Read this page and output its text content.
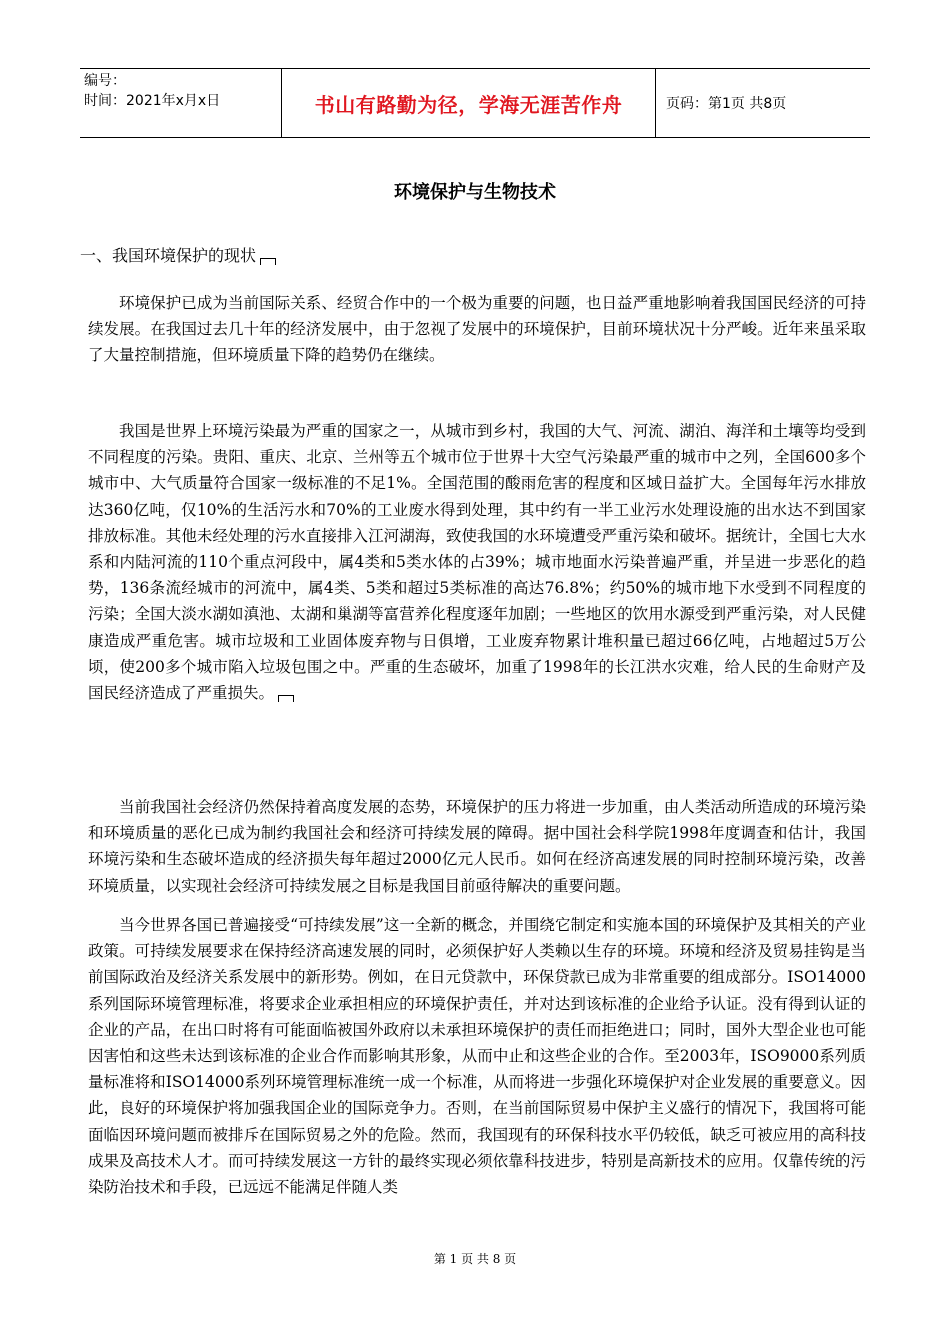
编号：
时间：2021年x月x日	书山有路勤为径，学海无涯苦作舟	页码：第1页 共8页
环境保护与生物技术
一、我国环境保护的现状

环境保护已成为当前国际关系、经贸合作中的一个极为重要的问题，也日益严重地影响着我国国民经济的可持续发展。在我国过去几十年的经济发展中，由于忽视了发展中的环境保护，目前环境状况十分严峻。近年来虽采取了大量控制措施，但环境质量下降的趋势仍在继续。

我国是世界上环境污染最为严重的国家之一，从城市到乡村，我国的大气、河流、湖泊、海洋和土壤等均受到不同程度的污染。贵阳、重庆、北京、兰州等五个城市位于世界十大空气污染最严重的城市中之列，全国600多个城市中、大气质量符合国家一级标准的不足1%。全国范围的酸雨危害的程度和区域日益扩大。全国每年污水排放达360亿吨，仅10%的生活污水和70%的工业废水得到处理，其中约有一半工业污水处理设施的出水达不到国家排放标准。其他未经处理的污水直接排入江河湖海，致使我国的水环境遭受严重污染和破坏。据统计，全国七大水系和内陆河流的110个重点河段中，属4类和5类水体的占39%；城市地面水污染普遍严重，并呈进一步恶化的趋势，136条流经城市的河流中，属4类、5类和超过5类标准的高达76.8%；约50%的城市地下水受到不同程度的污染；全国大淡水湖如滇池、太湖和巢湖等富营养化程度逐年加剧；一些地区的饮用水源受到严重污染，对人民健康造成严重危害。城市垃圾和工业固体废弃物与日俱增，工业废弃物累计堆积量已超过66亿吨，占地超过5万公顷，使200多个城市陷入垃圾包围之中。严重的生态破坏，加重了1998年的长江洪水灾难，给人民的生命财产及国民经济造成了严重损失。

当前我国社会经济仍然保持着高度发展的态势，环境保护的压力将进一步加重，由人类活动所造成的环境污染和环境质量的恶化已成为制约我国社会和经济可持续发展的障碍。据中国社会科学院1998年度调查和估计，我国环境污染和生态破坏造成的经济损失每年超过2000亿元人民币。如何在经济高速发展的同时控制环境污染，改善环境质量，以实现社会经济可持续发展之目标是我国目前亟待解决的重要问题。

当今世界各国已普遍接受“可持续发展”这一全新的概念，并围绕它制定和实施本国的环境保护及其相关的产业政策。可持续发展要求在保持经济高速发展的同时，必须保护好人类赖以生存的环境。环境和经济及贸易挂钩是当前国际政治及经济关系发展中的新形势。例如，在日元贷款中，环保贷款已成为非常重要的组成部分。ISO14000系列国际环境管理标准，将要求企业承担相应的环境保护责任，并对达到该标准的企业给予认证。没有得到认证的企业的产品，在出口时将有可能面临被国外政府以未承担环境保护的责任而拒绝进口；同时，国外大型企业也可能因害怕和这些未达到该标准的企业合作而影响其形象，从而中止和这些企业的合作。至2003年，ISO9000系列质量标准将和ISO14000系列环境管理标准统一成一个标准，从而将进一步强化环境保护对企业发展的重要意义。因此，良好的环境保护将加强我国企业的国际竞争力。否则，在当前国际贸易中保护主义盛行的情况下，我国将可能面临因环境问题而被排斥在国际贸易之外的危险。然而，我国现有的环保科技水平仍较低，缺乏可被应用的高科技成果及高技术人才。而可持续发展这一方针的最终实现必须依靠科技进步，特别是高新技术的应用。仅靠传统的污染防治技术和手段，已远远不能满足伴随人类

第 1 页 共 8 页
